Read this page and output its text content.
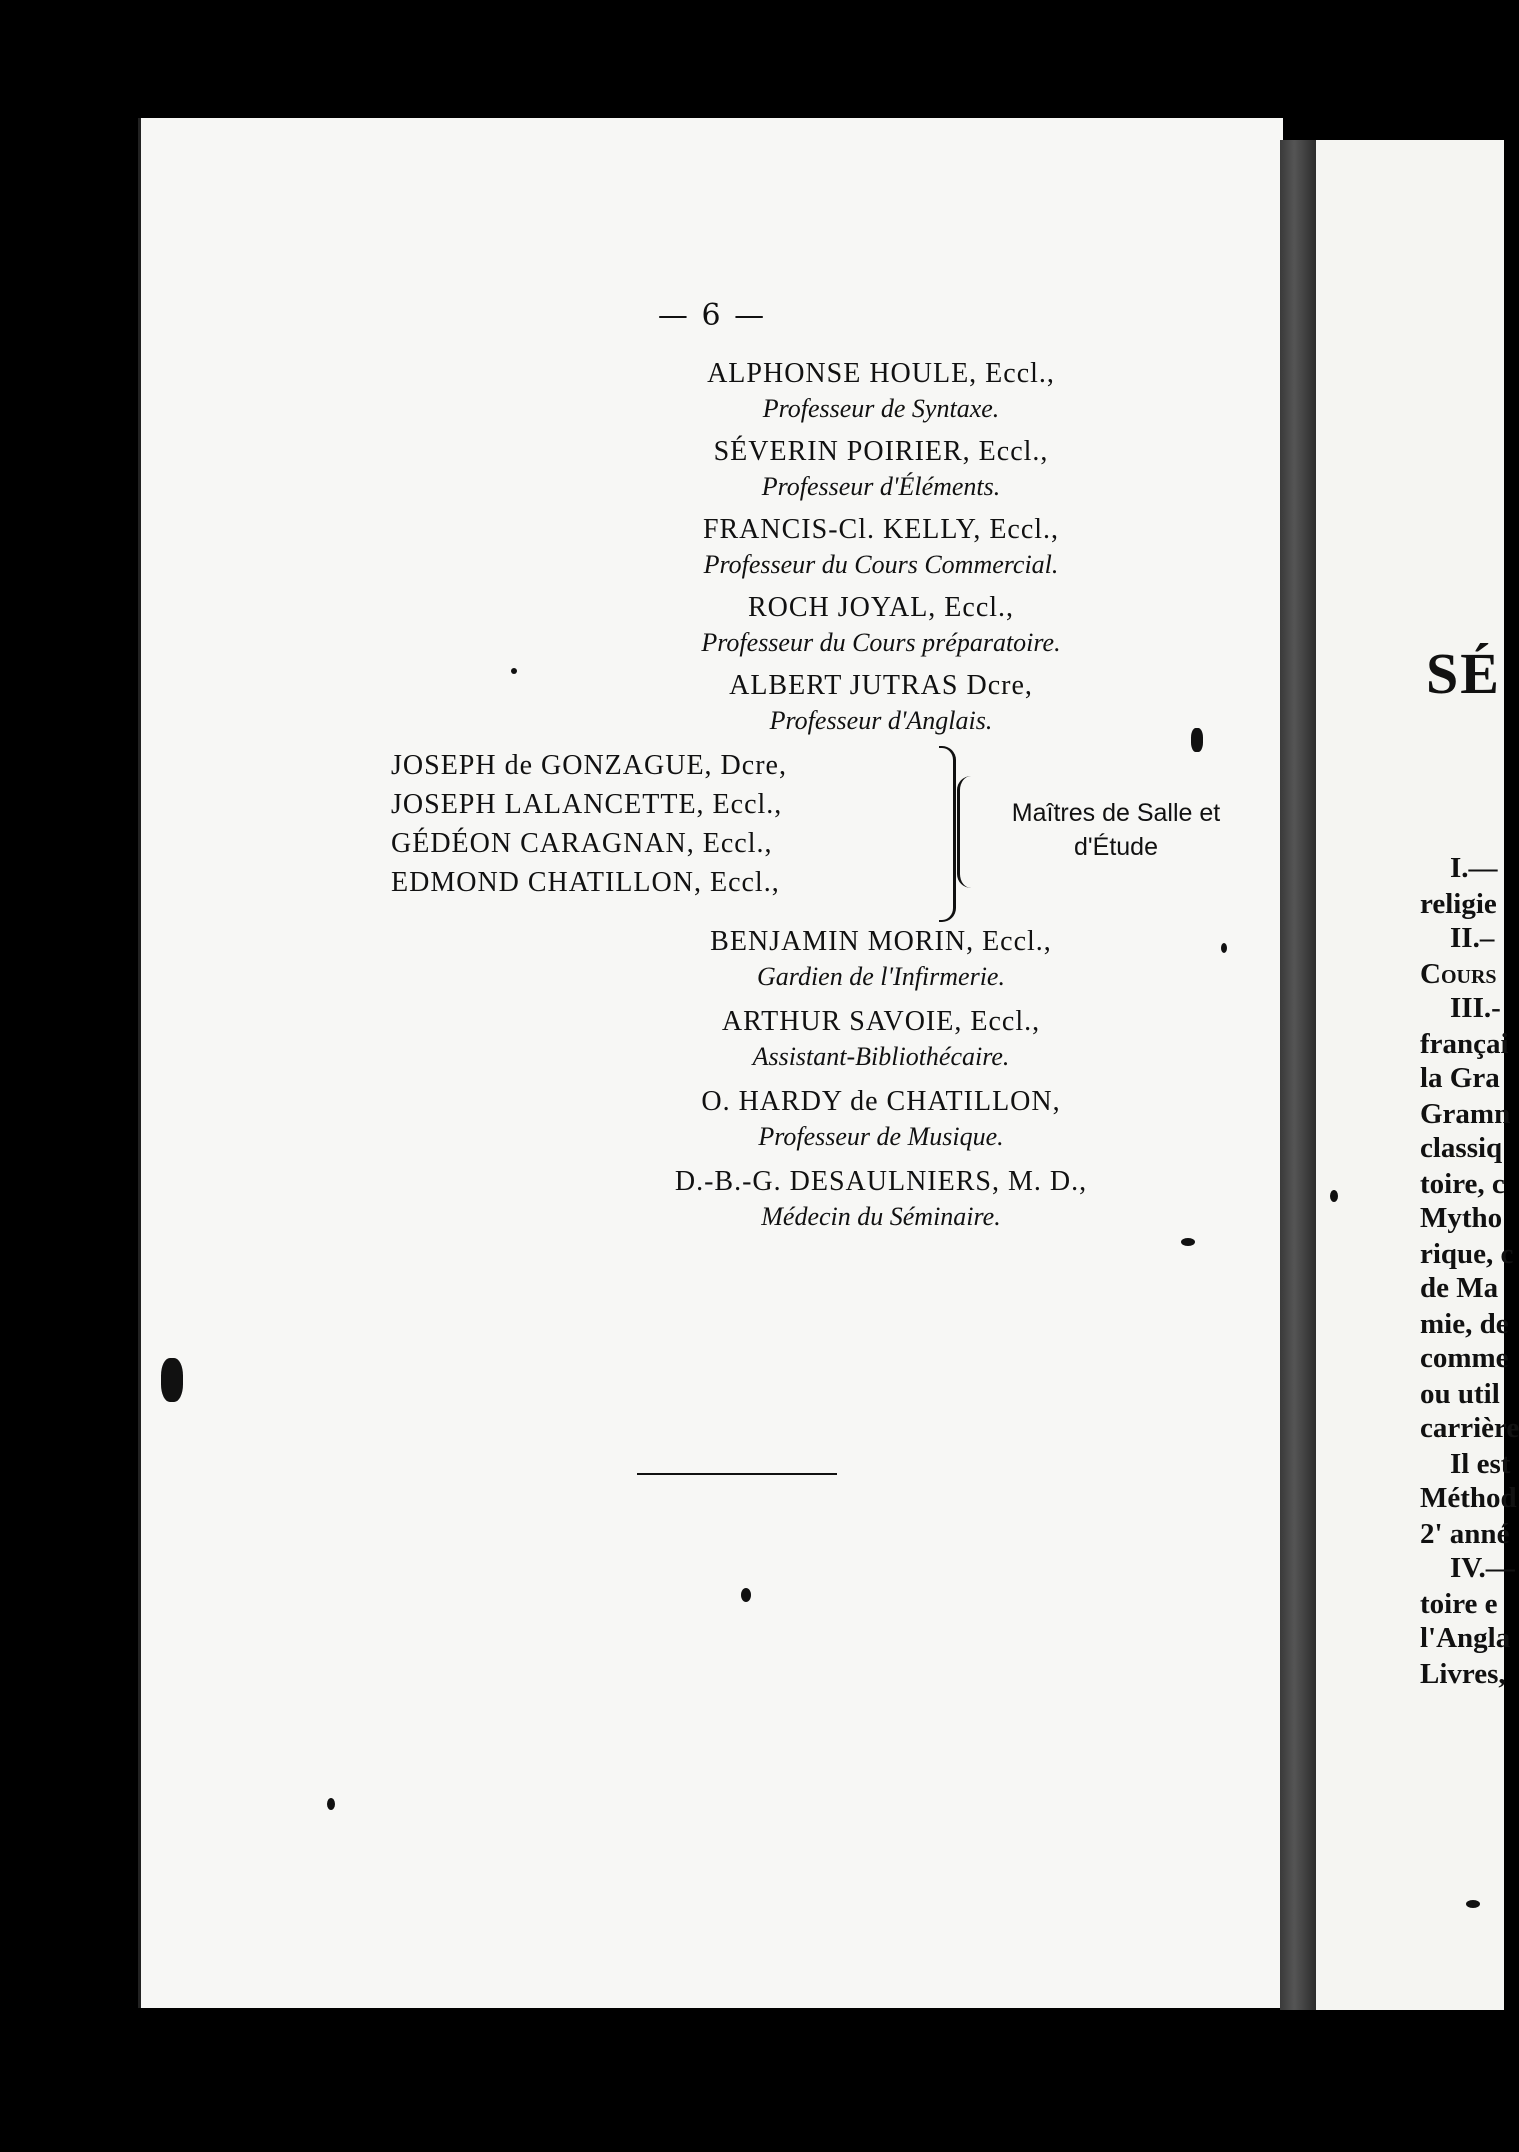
— 6 —
ALPHONSE HOULE, Eccl.,
Professeur de Syntaxe.
SÉVERIN POIRIER, Eccl.,
Professeur d'Éléments.
FRANCIS-Cl. KELLY, Eccl.,
Professeur du Cours Commercial.
ROCH JOYAL, Eccl.,
Professeur du Cours préparatoire.
ALBERT JUTRAS Dcre,
Professeur d'Anglais.
JOSEPH de GONZAGUE, Dcre,
JOSEPH LALANCETTE, Eccl.,
GÉDÉON CARAGNAN, Eccl.,
EDMOND CHATILLON, Eccl.,
Maîtres de Salle et
d'Étude
BENJAMIN MORIN, Eccl.,
Gardien de l'Infirmerie.
ARTHUR SAVOIE, Eccl.,
Assistant-Bibliothécaire.
O. HARDY de CHATILLON,
Professeur de Musique.
D.-B.-G. DESAULNIERS, M. D.,
Médecin du Séminaire.
SÉ
I.—
religie
II.–
Cours
III.-
françai
la Gra
Gramn
classiq
toire, c
Mytho
rique, c
de Ma
mie, de
comme
ou util
carrière
Il est
Méthod
2' anné
IV.—
toire e
l'Angla
Livres,
